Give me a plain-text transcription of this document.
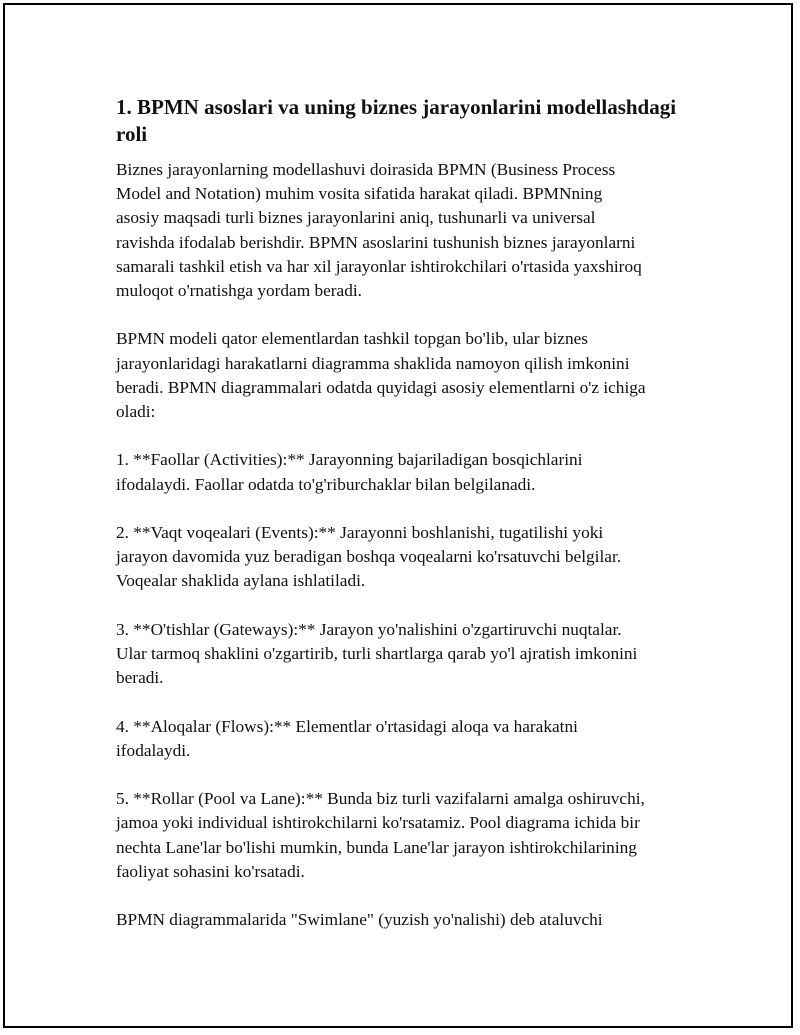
1. BPMN asoslari va uning biznes jarayonlarini modellashdagi roli
Biznes jarayonlarning modellashuvi doirasida BPMN (Business Process
Model and Notation) muhim vosita sifatida harakat qiladi. BPMNning
asosiy maqsadi turli biznes jarayonlarini aniq, tushunarli va universal
ravishda ifodalab berishdir. BPMN asoslarini tushunish biznes jarayonlarni
samarali tashkil etish va har xil jarayonlar ishtirokchilari o'rtasida yaxshiroq
muloqot o'rnatishga yordam beradi.
BPMN modeli qator elementlardan tashkil topgan bo'lib, ular biznes
jarayonlaridagi harakatlarni diagramma shaklida namoyon qilish imkonini
beradi. BPMN diagrammalari odatda quyidagi asosiy elementlarni o'z ichiga
oladi:
1. **Faollar (Activities):** Jarayonning bajariladigan bosqichlarini
ifodalaydi. Faollar odatda to'g'riburchaklar bilan belgilanadi.
2. **Vaqt voqealari (Events):** Jarayonni boshlanishi, tugatilishi yoki
jarayon davomida yuz beradigan boshqa voqealarni ko'rsatuvchi belgilar.
Voqealar shaklida aylana ishlatiladi.
3. **O'tishlar (Gateways):** Jarayon yo'nalishini o'zgartiruvchi nuqtalar.
Ular tarmoq shaklini o'zgartirib, turli shartlarga qarab yo'l ajratish imkonini
beradi.
4. **Aloqalar (Flows):** Elementlar o'rtasidagi aloqa va harakatni
ifodalaydi.
5. **Rollar (Pool va Lane):** Bunda biz turli vazifalarni amalga oshiruvchi,
jamoa yoki individual ishtirokchilarni ko'rsatamiz. Pool diagrama ichida bir
nechta Lane'lar bo'lishi mumkin, bunda Lane'lar jarayon ishtirokchilarining
faoliyat sohasini ko'rsatadi.
BPMN diagrammalarida "Swimlane" (yuzish yo'nalishi) deb ataluvchi
